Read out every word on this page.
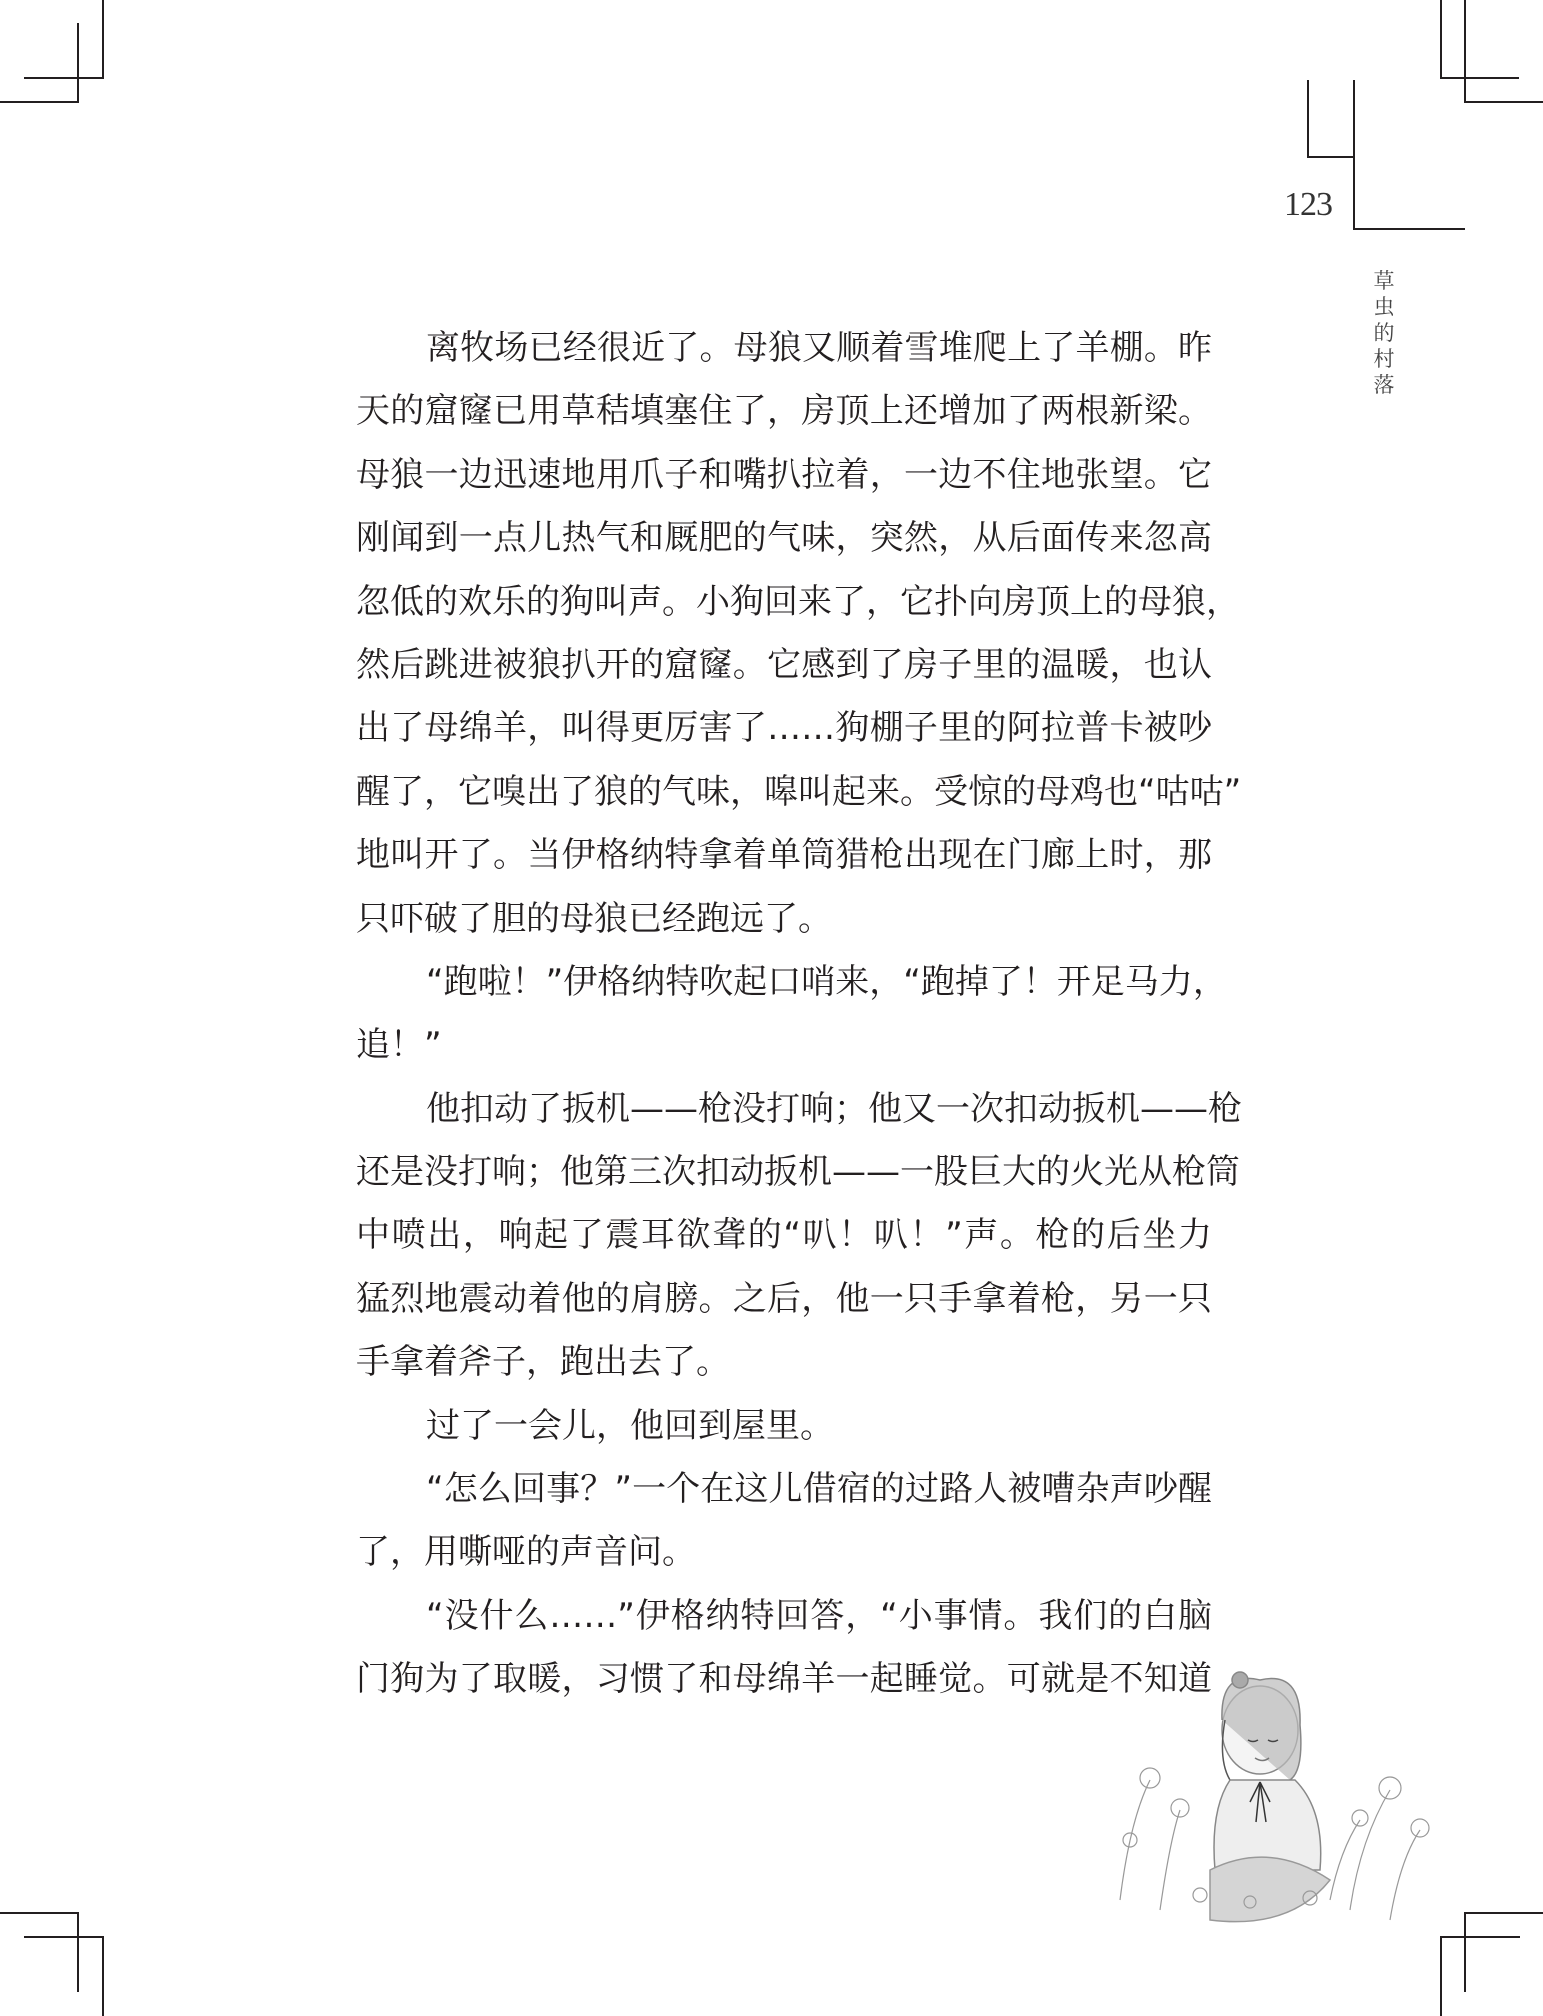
123
草
虫
的
村
落
离牧场已经很近了。母狼又顺着雪堆爬上了羊棚。昨
天的窟窿已用草秸填塞住了，房顶上还增加了两根新梁。
母狼一边迅速地用爪子和嘴扒拉着，一边不住地张望。它
刚闻到一点儿热气和厩肥的气味，突然，从后面传来忽高
忽低的欢乐的狗叫声。小狗回来了，它扑向房顶上的母狼，
然后跳进被狼扒开的窟窿。它感到了房子里的温暖，也认
出了母绵羊，叫得更厉害了……狗棚子里的阿拉普卡被吵
醒了，它嗅出了狼的气味，嗥叫起来。受惊的母鸡也“咕咕”
地叫开了。当伊格纳特拿着单筒猎枪出现在门廊上时，那
只吓破了胆的母狼已经跑远了。
“跑啦！”伊格纳特吹起口哨来，“跑掉了！开足马力，
追！”
他扣动了扳机——枪没打响；他又一次扣动扳机——枪
还是没打响；他第三次扣动扳机——一股巨大的火光从枪筒
中喷出，响起了震耳欲聋的“叭！叭！”声。枪的后坐力
猛烈地震动着他的肩膀。之后，他一只手拿着枪，另一只
手拿着斧子，跑出去了。
过了一会儿，他回到屋里。
“怎么回事？”一个在这儿借宿的过路人被嘈杂声吵醒
了，用嘶哑的声音问。
“没什么……”伊格纳特回答，“小事情。我们的白脑
门狗为了取暖，习惯了和母绵羊一起睡觉。可就是不知道
